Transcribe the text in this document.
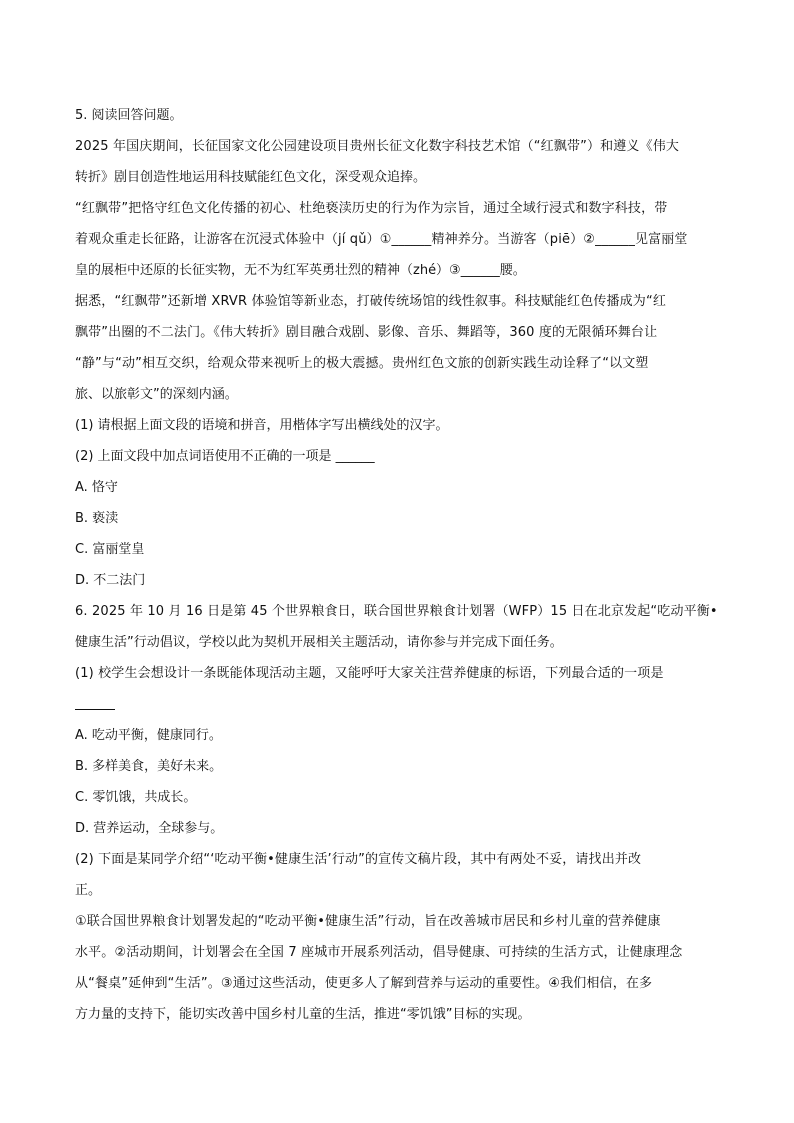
5. 阅读回答问题。
2025 年国庆期间，长征国家文化公园建设项目贵州长征文化数字科技艺术馆（“红飘带”）和遵义《伟大
转折》剧目创造性地运用科技赋能红色文化，深受观众追捧。
“红飘带”把恪守红色文化传播的初心、杜绝亵渎历史的行为作为宗旨，通过全域行浸式和数字科技，带
着观众重走长征路，让游客在沉浸式体验中（jí qǔ）①______精神养分。当游客（piē）②______见富丽堂
皇的展柜中还原的长征实物，无不为红军英勇壮烈的精神（zhé）③______腰。
据悉，“红飘带”还新增 XRVR 体验馆等新业态，打破传统场馆的线性叙事。科技赋能红色传播成为“红
飘带”出圈的不二法门。《伟大转折》剧目融合戏剧、影像、音乐、舞蹈等，360 度的无限循环舞台让
“静”与“动”相互交织，给观众带来视听上的极大震撼。贵州红色文旅的创新实践生动诠释了“以文塑
旅、以旅彰文”的深刻内涵。
(1) 请根据上面文段的语境和拼音，用楷体字写出横线处的汉字。
(2) 上面文段中加点词语使用不正确的一项是 ______
A. 恪守
B. 亵渎
C. 富丽堂皇
D. 不二法门
6. 2025 年 10 月 16 日是第 45 个世界粮食日，联合国世界粮食计划署（WFP）15 日在北京发起“吃动平衡•
健康生活”行动倡议，学校以此为契机开展相关主题活动，请你参与并完成下面任务。
(1) 校学生会想设计一条既能体现活动主题，又能呼吁大家关注营养健康的标语，下列最合适的一项是
A. 吃动平衡，健康同行。
B. 多样美食，美好未来。
C. 零饥饿，共成长。
D. 营养运动，全球参与。
(2) 下面是某同学介绍“‘吃动平衡•健康生活’行动”的宣传文稿片段，其中有两处不妥，请找出并改
正。
①联合国世界粮食计划署发起的“吃动平衡•健康生活”行动，旨在改善城市居民和乡村儿童的营养健康
水平。②活动期间，计划署会在全国 7 座城市开展系列活动，倡导健康、可持续的生活方式，让健康理念
从“餐桌”延伸到“生活”。③通过这些活动，使更多人了解到营养与运动的重要性。④我们相信，在多
方力量的支持下，能切实改善中国乡村儿童的生活，推进“零饥饿”目标的实现。
